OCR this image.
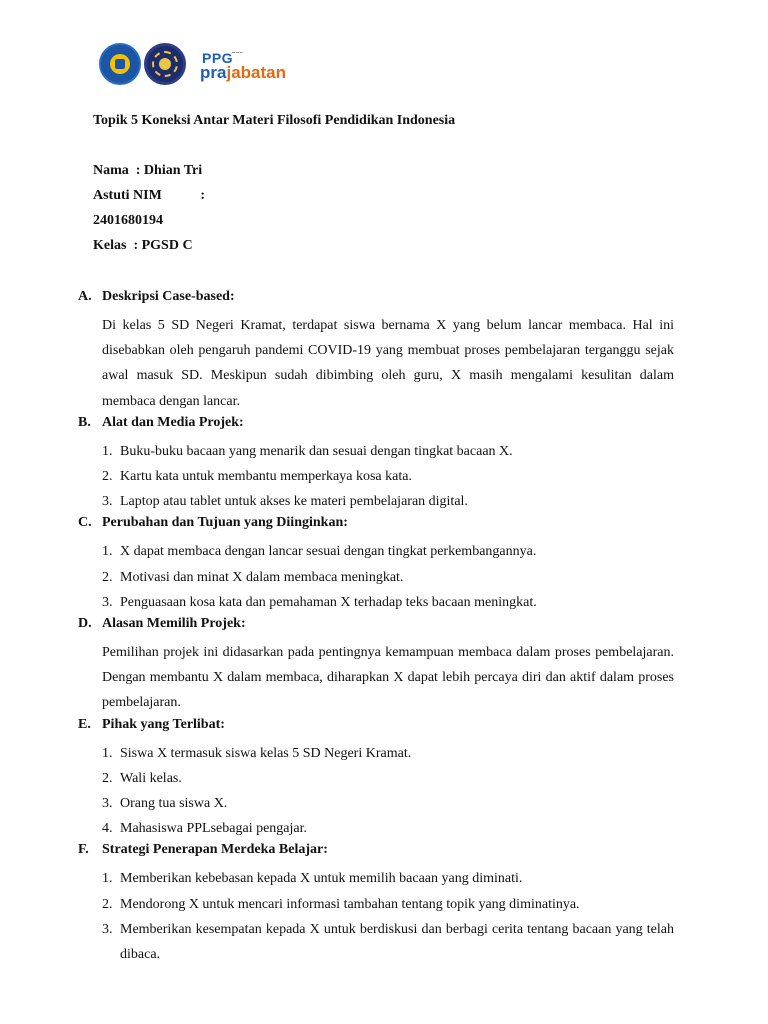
PPG
▬ ▬ ▬
prajabatan
Topik 5 Koneksi Antar Materi Filosofi Pendidikan Indonesia
Nama  : Dhian Tri
Astuti NIM           :
2401680194
Kelas  : PGSD C
A. Deskripsi Case-based:

Di kelas 5 SD Negeri Kramat, terdapat siswa bernama X yang belum lancar membaca. Hal ini disebabkan oleh pengaruh pandemi COVID-19 yang membuat proses pembelajaran terganggu sejak awal masuk SD. Meskipun sudah dibimbing oleh guru, X masih mengalami kesulitan dalam membaca dengan lancar.

B. Alat dan Media Projek:
1. Buku-buku bacaan yang menarik dan sesuai dengan tingkat bacaan X.
2. Kartu kata untuk membantu memperkaya kosa kata.
3. Laptop atau tablet untuk akses ke materi pembelajaran digital.
C. Perubahan dan Tujuan yang Diinginkan:
1. X dapat membaca dengan lancar sesuai dengan tingkat perkembangannya.
2. Motivasi dan minat X dalam membaca meningkat.
3. Penguasaan kosa kata dan pemahaman X terhadap teks bacaan meningkat.
D. Alasan Memilih Projek:

Pemilihan projek ini didasarkan pada pentingnya kemampuan membaca dalam proses pembelajaran. Dengan membantu X dalam membaca, diharapkan X dapat lebih percaya diri dan aktif dalam proses pembelajaran.

E. Pihak yang Terlibat:
1. Siswa X termasuk siswa kelas 5 SD Negeri Kramat.
2. Wali kelas.
3. Orang tua siswa X.
4. Mahasiswa PPLsebagai pengajar.
F. Strategi Penerapan Merdeka Belajar:
1. Memberikan kebebasan kepada X untuk memilih bacaan yang diminati.
2. Mendorong X untuk mencari informasi tambahan tentang topik yang diminatinya.
3. Memberikan kesempatan kepada X untuk berdiskusi dan berbagi cerita tentang bacaan yang telah dibaca.
